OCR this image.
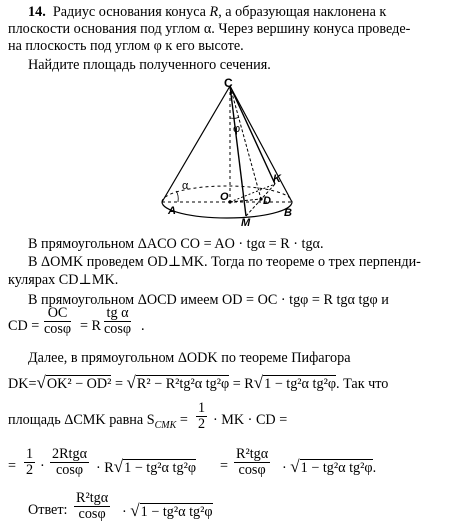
14. Радиус основания конуса R, а образующая наклонена к
плоскости основания под углом α. Через вершину конуса проведе-
на плоскость под углом φ к его высоте.
Найдите площадь полученного сечения.
C
A	B
O
M
D
K
φ
α
В прямоугольном ΔACO CO = AO · tgα = R · tgα.
В ΔOMK проведем OD⊥MK. Тогда по теореме о трех перпенди-
кулярах CD⊥MK.
В прямоугольном ΔOCD имеем OD = OC · tgφ = R tgα tgφ и
CD = $\frac{OC}{\cos\varphi} = R \frac{\text{tg α}}{\cos\varphi}$ .
Далее, в прямоугольном ΔODK по теореме Пифагора
DK=√OK² − OD² = √R² − R²tg²α tg²φ = R√1 − tg²α tg²φ. Так что
площадь ΔCMK равна $S_{CMK} = \frac{1}{2}$ · MK · CD =
= $\frac{1}{2}$ ·
2Rtgα
cosφ · R√1 − tg²α tg²φ =
R²tgα
cosφ	· √1 − tg²α tg²φ.
Ответ:
R²tgα
cosφ	· √1 − tg²α tg²φ
